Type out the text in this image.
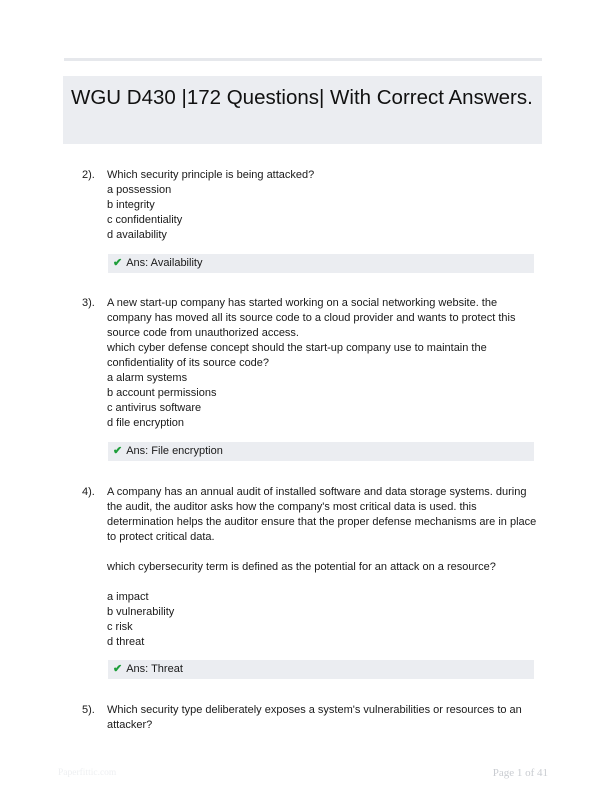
WGU D430 |172 Questions| With Correct Answers.
2). Which security principle is being attacked?

a possession
b integrity
c confidentiality
d availability
✔ Ans: Availability
3). A new start-up company has started working on a social networking website. the company has moved all its source code to a cloud provider and wants to protect this source code from unauthorized access.

which cyber defense concept should the start-up company use to maintain the confidentiality of its source code?

a alarm systems
b account permissions
c antivirus software
d file encryption
✔ Ans: File encryption
4). A company has an annual audit of installed software and data storage systems. during the audit, the auditor asks how the company's most critical data is used. this determination helps the auditor ensure that the proper defense mechanisms are in place to protect critical data.

which cybersecurity term is defined as the potential for an attack on a resource?

a impact
b vulnerability
c risk
d threat
✔ Ans: Threat
5). Which security type deliberately exposes a system's vulnerabilities or resources to an attacker?

Paperfittic.com	Page 1 of 41
